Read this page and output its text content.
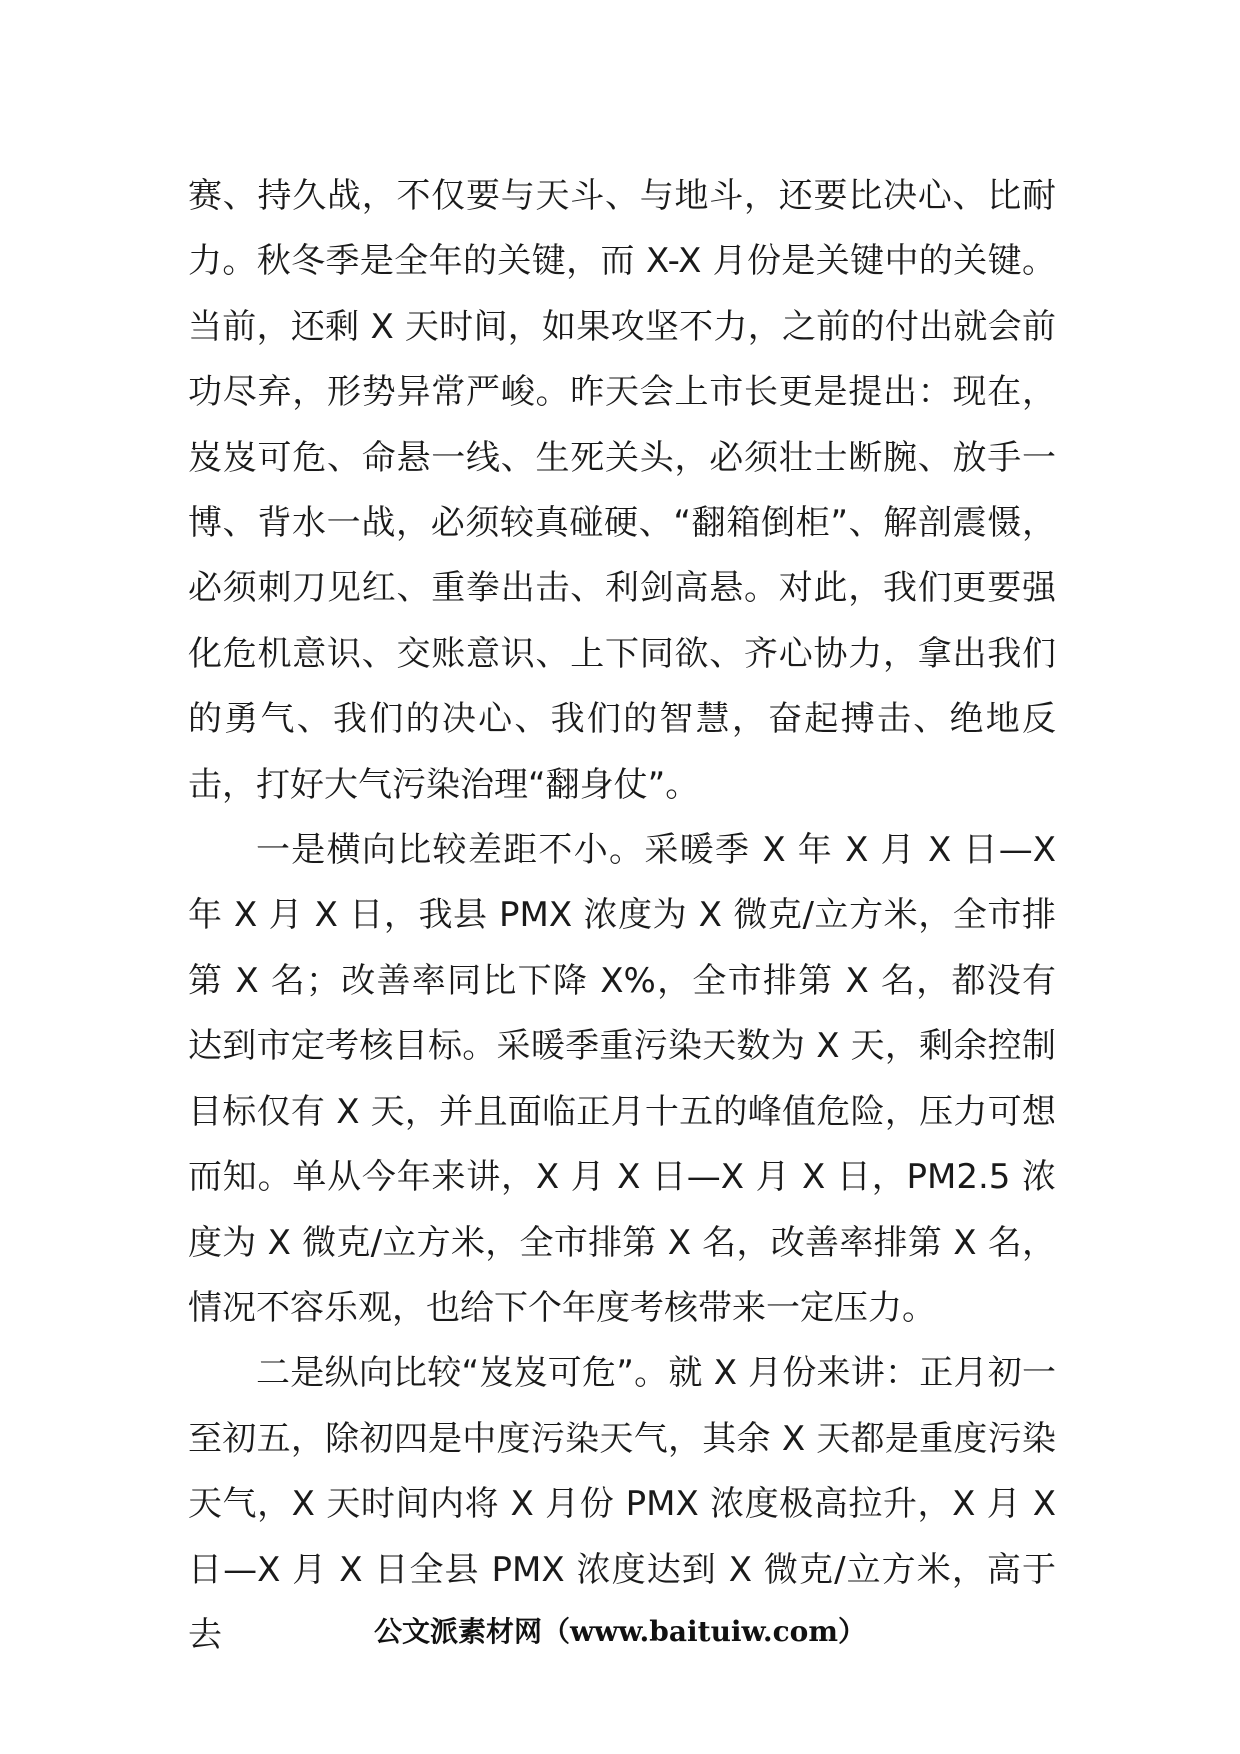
赛、持久战，不仅要与天斗、与地斗，还要比决心、比耐力。秋冬季是全年的关键，而 X-X 月份是关键中的关键。当前，还剩 X 天时间，如果攻坚不力，之前的付出就会前功尽弃，形势异常严峻。昨天会上市长更是提出：现在，岌岌可危、命悬一线、生死关头，必须壮士断腕、放手一博、背水一战，必须较真碰硬、“翻箱倒柜”、解剖震慑，必须刺刀见红、重拳出击、利剑高悬。对此，我们更要强化危机意识、交账意识、上下同欲、齐心协力，拿出我们的勇气、我们的决心、我们的智慧，奋起搏击、绝地反击，打好大气污染治理“翻身仗”。

一是横向比较差距不小。采暖季 X 年 X 月 X 日—X 年 X 月 X 日，我县 PMX 浓度为 X 微克/立方米，全市排第 X 名；改善率同比下降 X%，全市排第 X 名，都没有达到市定考核目标。采暖季重污染天数为 X 天，剩余控制目标仅有 X 天，并且面临正月十五的峰值危险，压力可想而知。单从今年来讲，X 月 X 日—X 月 X 日，PM2.5 浓度为 X 微克/立方米，全市排第 X 名，改善率排第 X 名，情况不容乐观，也给下个年度考核带来一定压力。

二是纵向比较“岌岌可危”。就 X 月份来讲：正月初一至初五，除初四是中度污染天气，其余 X 天都是重度污染天气，X 天时间内将 X 月份 PMX 浓度极高拉升，X 月 X 日—X 月 X 日全县 PMX 浓度达到 X 微克/立方米，高于去	公文派素材网（www.baituiw.com）
